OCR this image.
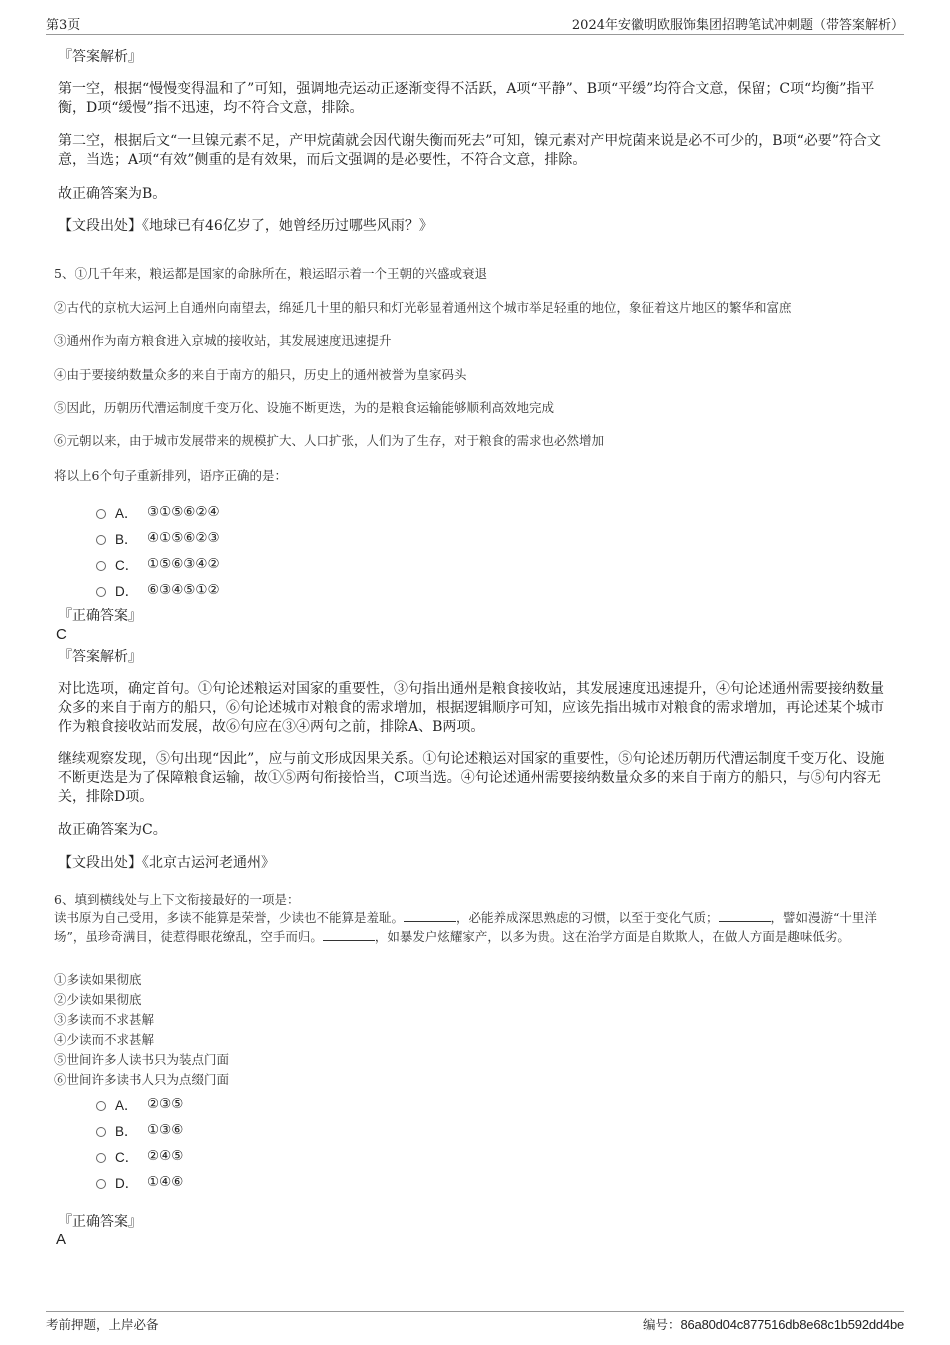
第3页	2024年安徽明欧服饰集团招聘笔试冲刺题（带答案解析）
『答案解析』
第一空，根据“慢慢变得温和了”可知，强调地壳运动正逐渐变得不活跃，A项“平静”、B项“平缓”均符合文意，保留；C项“均衡”指平衡，D项“缓慢”指不迅速，均不符合文意，排除。
第二空，根据后文“一旦镍元素不足，产甲烷菌就会因代谢失衡而死去”可知，镍元素对产甲烷菌来说是必不可少的，B项“必要”符合文意，当选；A项“有效”侧重的是有效果，而后文强调的是必要性，不符合文意，排除。
故正确答案为B。
【文段出处】《地球已有46亿岁了，她曾经历过哪些风雨？》
5、①几千年来，粮运都是国家的命脉所在，粮运昭示着一个王朝的兴盛或衰退
②古代的京杭大运河上自通州向南望去，绵延几十里的船只和灯光彰显着通州这个城市举足轻重的地位，象征着这片地区的繁华和富庶
③通州作为南方粮食进入京城的接收站，其发展速度迅速提升
④由于要接纳数量众多的来自于南方的船只，历史上的通州被誉为皇家码头
⑤因此，历朝历代漕运制度千变万化、设施不断更迭，为的是粮食运输能够顺利高效地完成
⑥元朝以来，由于城市发展带来的规模扩大、人口扩张，人们为了生存，对于粮食的需求也必然增加
将以上6个句子重新排列，语序正确的是：
A． ③①⑤⑥②④
B． ④①⑤⑥②③
C． ①⑤⑥③④②
D． ⑥③④⑤①②
『正确答案』
C
『答案解析』
对比选项，确定首句。①句论述粮运对国家的重要性，③句指出通州是粮食接收站，其发展速度迅速提升，④句论述通州需要接纳数量众多的来自于南方的船只，⑥句论述城市对粮食的需求增加，根据逻辑顺序可知，应该先指出城市对粮食的需求增加，再论述某个城市作为粮食接收站而发展，故⑥句应在③④两句之前，排除A、B两项。
继续观察发现，⑤句出现“因此”，应与前文形成因果关系。①句论述粮运对国家的重要性，⑤句论述历朝历代漕运制度千变万化、设施不断更迭是为了保障粮食运输，故①⑤两句衔接恰当，C项当选。④句论述通州需要接纳数量众多的来自于南方的船只，与⑤句内容无关，排除D项。
故正确答案为C。
【文段出处】《北京古运河老通州》
6、填到横线处与上下文衔接最好的一项是：
读书原为自己受用，多读不能算是荣誉，少读也不能算是羞耻。	，必能养成深思熟虑的习惯，以至于变化气质；	，譬如漫游“十里洋场”，虽珍奇满目，徒惹得眼花缭乱，空手而归。	，如暴发户炫耀家产，以多为贵。这在治学方面是自欺欺人，在做人方面是趣味低劣。
①多读如果彻底
②少读如果彻底
③多读而不求甚解
④少读而不求甚解
⑤世间许多人读书只为装点门面
⑥世间许多读书人只为点缀门面
A． ②③⑤
B． ①③⑥
C． ②④⑤
D． ①④⑥
『正确答案』
A
考前押题，上岸必备	编号：86a80d04c877516db8e68c1b592dd4be
